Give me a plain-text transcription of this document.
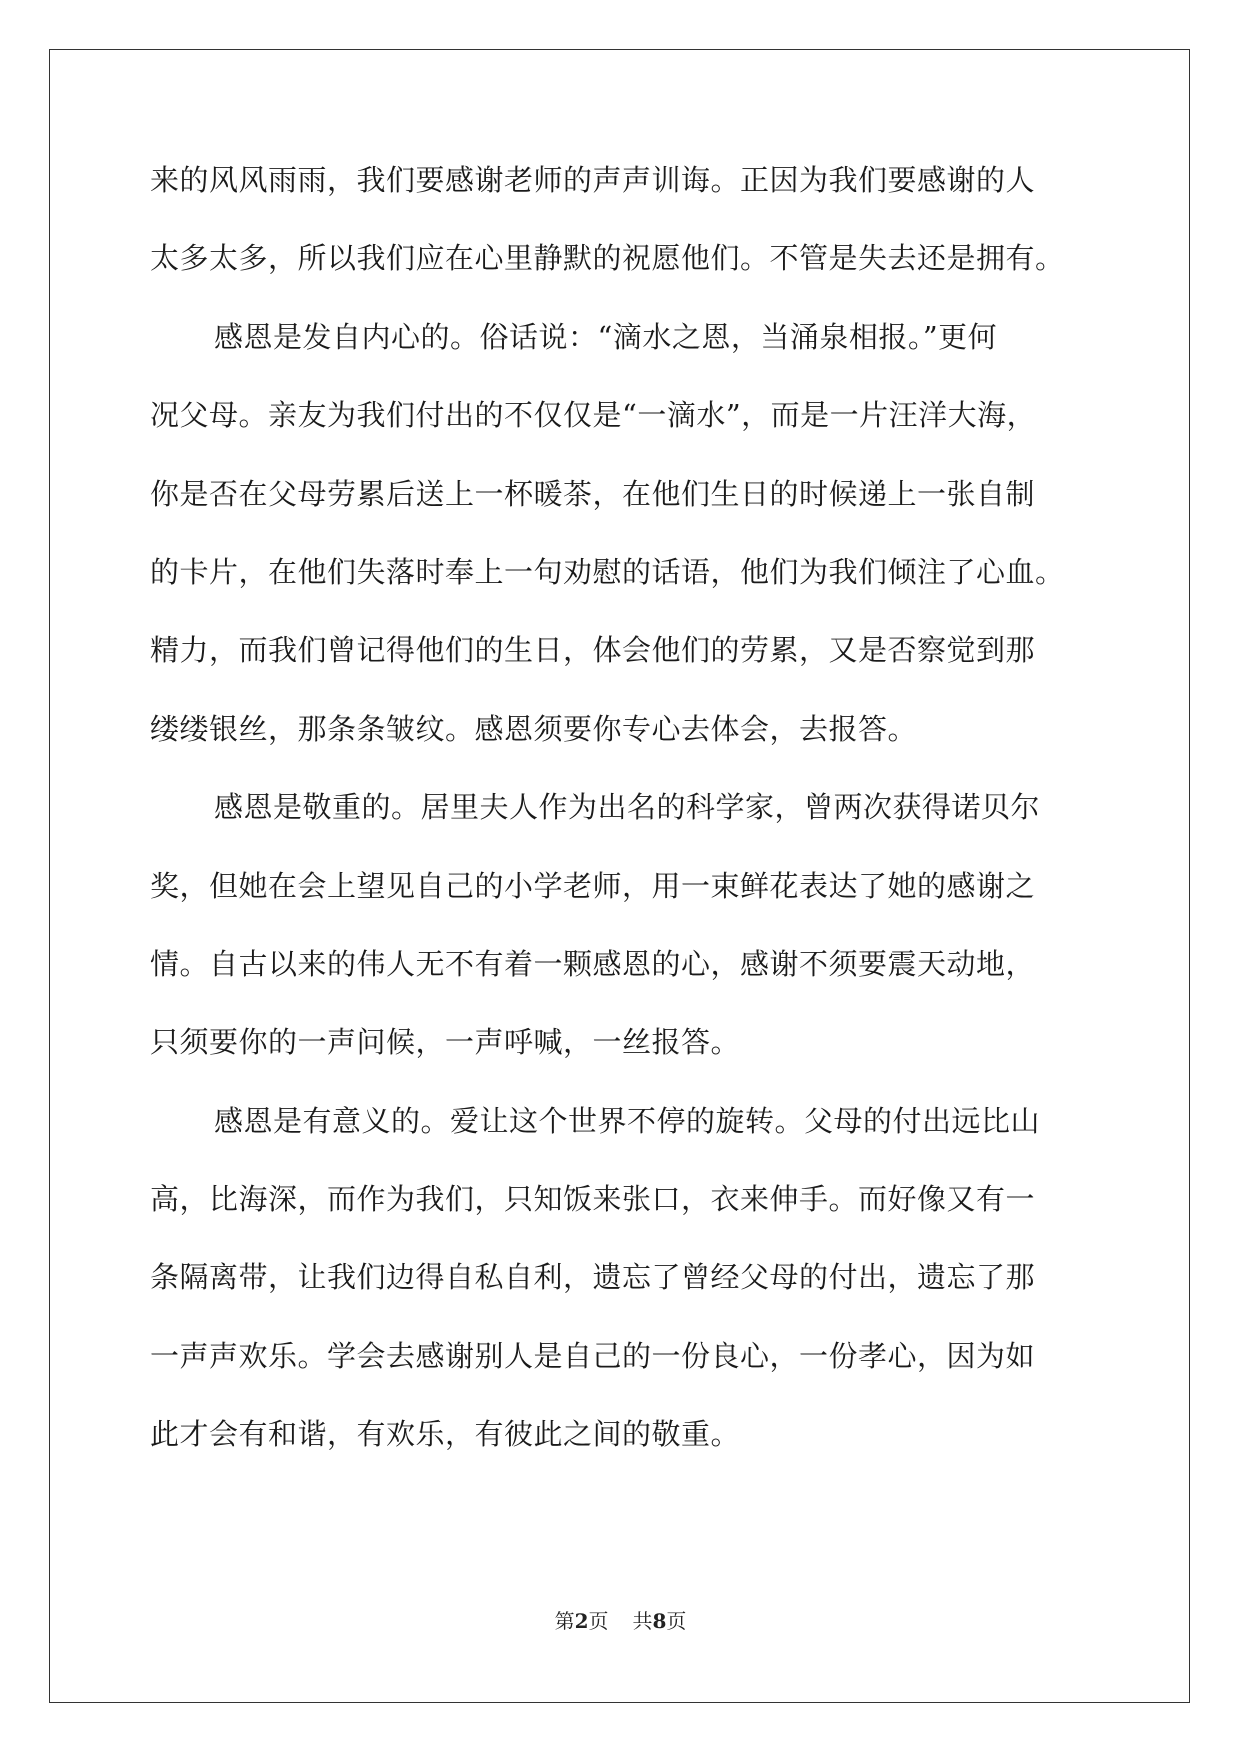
来的风风雨雨，我们要感谢老师的声声训诲。正因为我们要感谢的人
太多太多，所以我们应在心里静默的祝愿他们。不管是失去还是拥有。
感恩是发自内心的。俗话说：“滴水之恩，当涌泉相报。”更何
况父母。亲友为我们付出的不仅仅是“一滴水”，而是一片汪洋大海，
你是否在父母劳累后送上一杯暖茶，在他们生日的时候递上一张自制
的卡片，在他们失落时奉上一句劝慰的话语，他们为我们倾注了心血。
精力，而我们曾记得他们的生日，体会他们的劳累，又是否察觉到那
缕缕银丝，那条条皱纹。感恩须要你专心去体会，去报答。
感恩是敬重的。居里夫人作为出名的科学家，曾两次获得诺贝尔
奖，但她在会上望见自己的小学老师，用一束鲜花表达了她的感谢之
情。自古以来的伟人无不有着一颗感恩的心，感谢不须要震天动地，
只须要你的一声问候，一声呼喊，一丝报答。
感恩是有意义的。爱让这个世界不停的旋转。父母的付出远比山
高，比海深，而作为我们，只知饭来张口，衣来伸手。而好像又有一
条隔离带，让我们边得自私自利，遗忘了曾经父母的付出，遗忘了那
一声声欢乐。学会去感谢别人是自己的一份良心，一份孝心，因为如
此才会有和谐，有欢乐，有彼此之间的敬重。
第2页 共8页
